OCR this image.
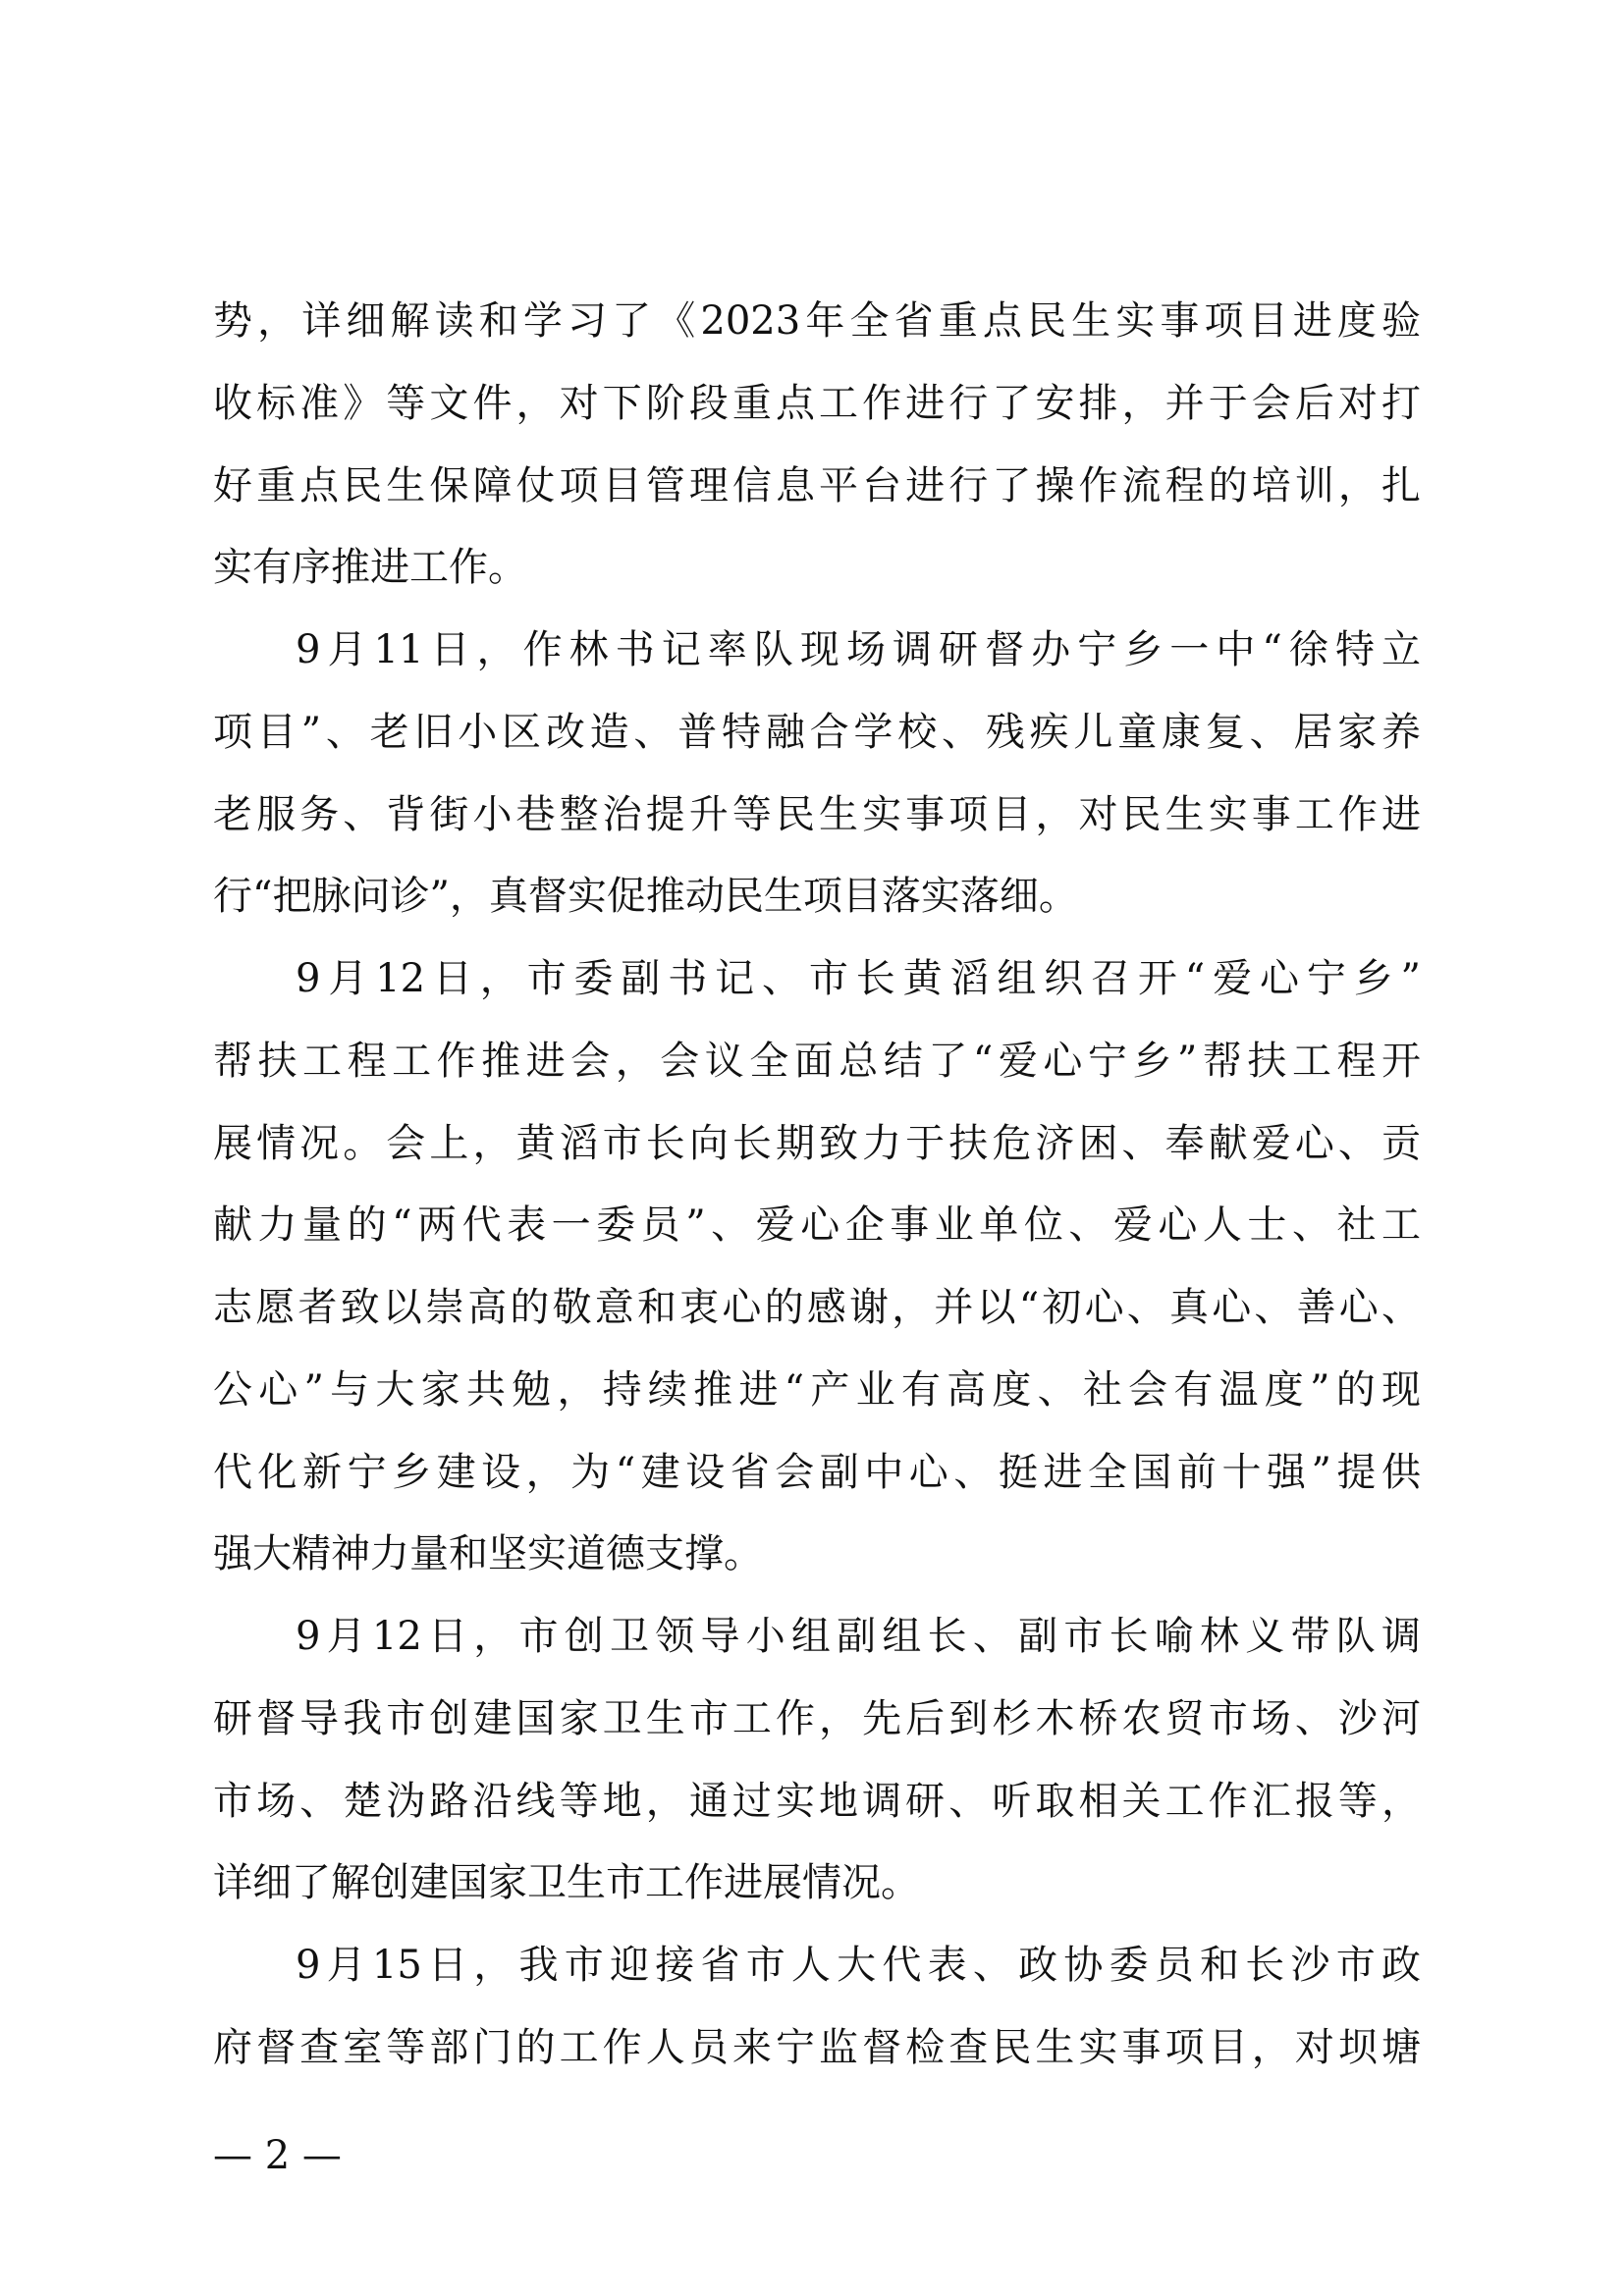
势，详细解读和学习了《2023年全省重点民生实事项目进度验
收标准》等文件，对下阶段重点工作进行了安排，并于会后对打
好重点民生保障仗项目管理信息平台进行了操作流程的培训，扎
实有序推进工作。
9月11日，作林书记率队现场调研督办宁乡一中“徐特立
项目”、老旧小区改造、普特融合学校、残疾儿童康复、居家养
老服务、背街小巷整治提升等民生实事项目，对民生实事工作进
行“把脉问诊”，真督实促推动民生项目落实落细。
9月12日，市委副书记、市长黄滔组织召开“爱心宁乡”
帮扶工程工作推进会，会议全面总结了“爱心宁乡”帮扶工程开
展情况。会上，黄滔市长向长期致力于扶危济困、奉献爱心、贡
献力量的“两代表一委员”、爱心企事业单位、爱心人士、社工
志愿者致以崇高的敬意和衷心的感谢，并以“初心、真心、善心、
公心”与大家共勉，持续推进“产业有高度、社会有温度”的现
代化新宁乡建设，为“建设省会副中心、挺进全国前十强”提供
强大精神力量和坚实道德支撑。
9月12日，市创卫领导小组副组长、副市长喻林义带队调
研督导我市创建国家卫生市工作，先后到杉木桥农贸市场、沙河
市场、楚沩路沿线等地，通过实地调研、听取相关工作汇报等，
详细了解创建国家卫生市工作进展情况。
9月15日，我市迎接省市人大代表、政协委员和长沙市政
府督查室等部门的工作人员来宁监督检查民生实事项目，对坝塘
— 2 —
